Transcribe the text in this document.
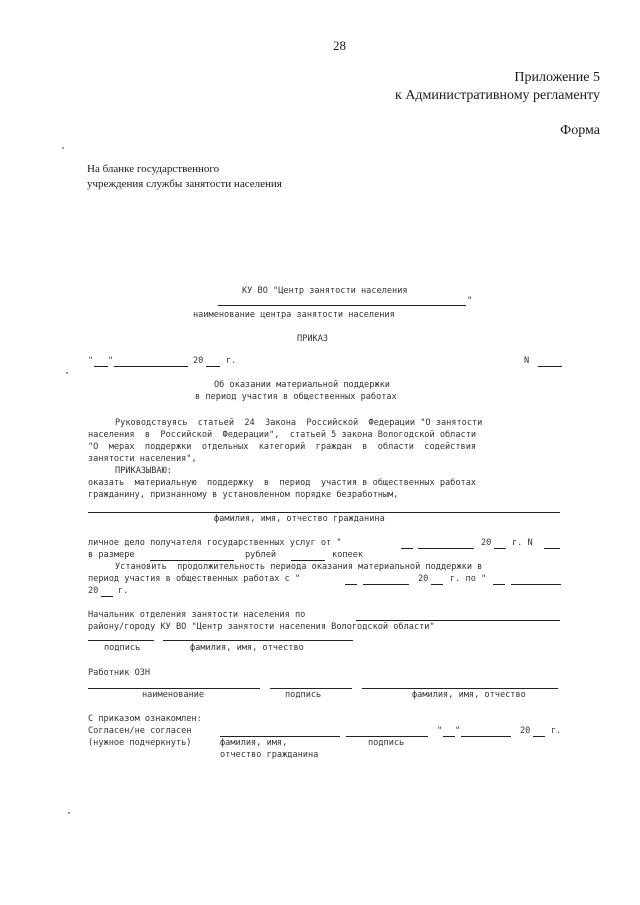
28
Приложение 5
к Административному регламенту
Форма
На бланке государственного
учреждения службы занятости населения
КУ ВО "Центр занятости населения
"
наименование центра занятости населения
ПРИКАЗ
" "	20	г.	N
Об оказании материальной поддержки
в период участия в общественных работах
Руководствуясь  статьей  24  Закона  Российской  Федерации "О занятости
населения  в  Российской  Федерации",  статьей 5 закона Вологодской области
"О  мерах  поддержки  отдельных  категорий  граждан  в  области  содействия
занятости населения",
ПРИКАЗЫВАЮ:
оказать  материальную  поддержку  в  период  участия в общественных работах
гражданину, признанному в установленном порядке безработным,
фамилия, имя, отчество гражданина
личное дело получателя государственных услуг от "	20 г. N
в размере	рублей	копеек
Установить  продолжительность периода оказания материальной поддержки в
период участия в общественных работах с "	20	г. по "
20 г.
Начальник отделения занятости населения по
району/городу КУ ВО "Центр занятости населения Вологодской области"
подпись	фамилия, имя, отчество
Работник ОЗН
наименование	подпись	фамилия, имя, отчество
С приказом ознакомлен:
Согласен/не согласен	" "	20 г.
(нужное подчеркнуть)	фамилия, имя,	подпись
отчество гражданина
